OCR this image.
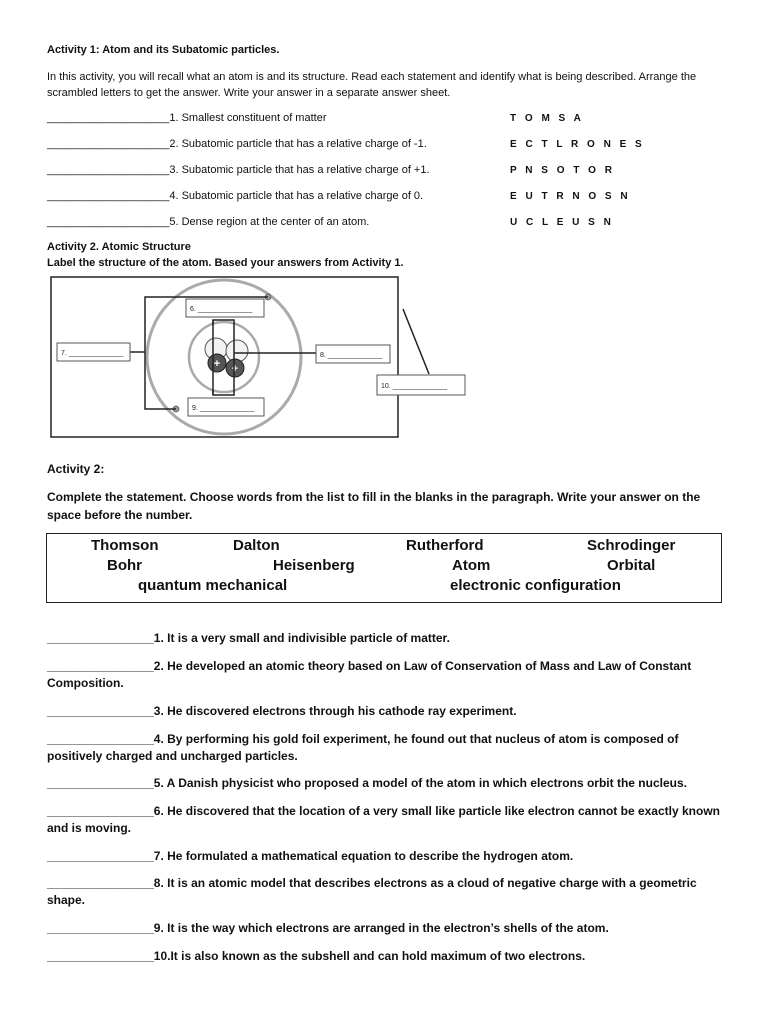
Activity 1: Atom and its Subatomic particles.
In this activity, you will recall what an atom is and its structure. Read each statement and identify what is being described. Arrange the scrambled letters to get the answer. Write your answer in a separate answer sheet.
____________________1. Smallest constituent of matter	T O M S A
____________________2. Subatomic particle that has a relative charge of -1.	E C T L R O N E S
____________________3. Subatomic particle that has a relative charge of +1.	P N S O T O R
____________________4. Subatomic particle that has a relative charge of 0.	E U T R N O S N
____________________5. Dense region at the center of an atom.	U C L E U S N
Activity 2. Atomic Structure
Label the structure of the atom. Based your answers from Activity 1.
+ +
6. ______________
7. ______________	8. ______________
9. ______________
10. ______________
Activity 2:
Complete the statement. Choose words from the list to fill in the blanks in the paragraph. Write your answer on the space before the number.
Thomson	Dalton	Rutherford	Schrodinger
Bohr	Heisenberg	Atom	Orbital
quantum mechanical	electronic configuration
________________1. It is a very small and indivisible particle of matter.
________________2. He developed an atomic theory based on Law of Conservation of Mass and Law of Constant Composition.
________________3. He discovered electrons through his cathode ray experiment.
________________4. By performing his gold foil experiment, he found out that nucleus of atom is composed of positively charged and uncharged particles.
________________5. A Danish physicist who proposed a model of the atom in which electrons orbit the nucleus.
________________6. He discovered that the location of a very small like particle like electron cannot be exactly known and is moving.
________________7. He formulated a mathematical equation to describe the hydrogen atom.
________________8. It is an atomic model that describes electrons as a cloud of negative charge with a geometric shape.
________________9. It is the way which electrons are arranged in the electron’s shells of the atom.
________________10.It is also known as the subshell and can hold maximum of two electrons.
